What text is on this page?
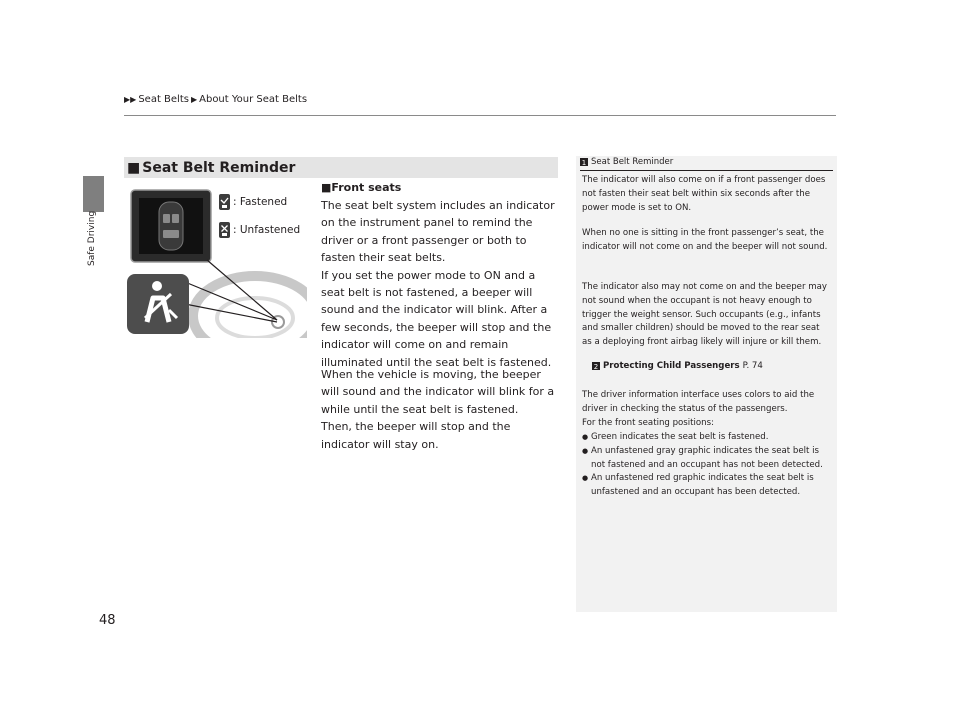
▶▶ Seat Belts ▶ About Your Seat Belts
Safe Driving
■ Seat Belt Reminder
: Fastened
: Unfastened
■Front seats
The seat belt system includes an indicator on the instrument panel to remind the driver or a front passenger or both to fasten their seat belts.
If you set the power mode to ON and a seat belt is not fastened, a beeper will sound and the indicator will blink. After a few seconds, the beeper will stop and the indicator will come on and remain illuminated until the seat belt is fastened.
When the vehicle is moving, the beeper will sound and the indicator will blink for a while until the seat belt is fastened.
Then, the beeper will stop and the indicator will stay on.
1 Seat Belt Reminder
The indicator will also come on if a front passenger does not fasten their seat belt within six seconds after the power mode is set to ON.
When no one is sitting in the front passenger’s seat, the indicator will not come on and the beeper will not sound.
The indicator also may not come on and the beeper may not sound when the occupant is not heavy enough to trigger the weight sensor. Such occupants (e.g., infants and smaller children) should be moved to the rear seat as a deploying front airbag likely will injure or kill them.
2 Protecting Child Passengers P. 74
The driver information interface uses colors to aid the driver in checking the status of the passengers.
For the front seating positions:
● Green indicates the seat belt is fastened.
● An unfastened gray graphic indicates the seat belt is not fastened and an occupant has not been detected.
● An unfastened red graphic indicates the seat belt is unfastened and an occupant has been detected.
48
